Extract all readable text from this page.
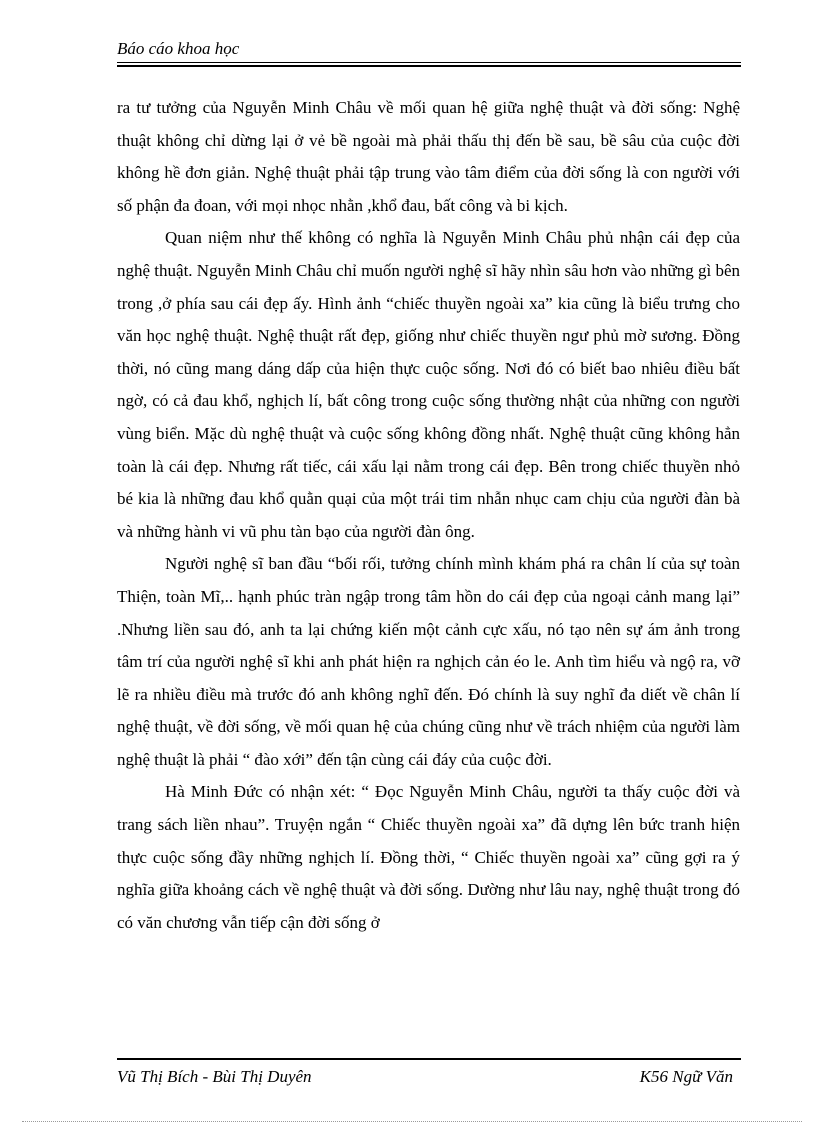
Báo cáo khoa học

ra tư tưởng của Nguyễn Minh Châu về mối quan hệ giữa nghệ thuật và đời sống: Nghệ thuật không chỉ dừng lại ở vẻ bề ngoài mà phải thấu thị đến bề sau, bề sâu của cuộc đời không hề đơn giản. Nghệ thuật phải tập trung vào tâm điểm của đời sống là con người với số phận đa đoan, với mọi nhọc nhằn ,khổ đau, bất công và bi kịch.

Quan niệm như thế không có nghĩa là Nguyễn Minh Châu phủ nhận cái đẹp của nghệ thuật. Nguyễn Minh Châu chỉ muốn người nghệ sĩ hãy nhìn sâu hơn vào những gì bên trong ,ở phía sau cái đẹp ấy. Hình ảnh “chiếc thuyền ngoài xa” kia cũng là biểu trưng cho văn học nghệ thuật. Nghệ thuật rất đẹp, giống như chiếc thuyền ngư phủ mờ sương. Đồng thời, nó cũng mang dáng dấp của hiện thực cuộc sống. Nơi đó có biết bao nhiêu điều bất ngờ, có cả đau khổ, nghịch lí, bất công trong cuộc sống thường nhật của những con người vùng biển. Mặc dù nghệ thuật và cuộc sống không đồng nhất. Nghệ thuật cũng không hẳn toàn là cái đẹp. Nhưng rất tiếc, cái xấu lại nằm trong cái đẹp. Bên trong chiếc thuyền nhỏ bé kia là những đau khổ quằn quại của một trái tim nhẫn nhục cam chịu của người đàn bà và những hành vi vũ phu tàn bạo của người đàn ông.

Người nghệ sĩ ban đầu “bối rối, tưởng chính mình khám phá ra chân lí của sự toàn Thiện, toàn Mĩ,.. hạnh phúc tràn ngập trong tâm hồn do cái đẹp của ngoại cảnh mang lại” .Nhưng liền sau đó, anh ta lại chứng kiến một cảnh cực xấu, nó tạo nên sự ám ảnh trong tâm trí của người nghệ sĩ khi anh phát hiện ra nghịch cản éo le. Anh tìm hiểu và ngộ ra, vỡ lẽ ra nhiều điều mà trước đó anh không nghĩ đến. Đó chính là suy nghĩ đa diết về chân lí nghệ thuật, về đời sống, về mối quan hệ của chúng cũng như về trách nhiệm của người làm nghệ thuật là phải “ đào xới” đến tận cùng cái đáy của cuộc đời.

Hà Minh Đức có nhận xét: “ Đọc Nguyễn Minh Châu, người ta thấy cuộc đời và trang sách liền nhau”. Truyện ngắn “ Chiếc thuyền ngoài xa” đã dựng lên bức tranh hiện thực cuộc sống đầy những nghịch lí. Đồng thời, “ Chiếc thuyền ngoài xa” cũng gợi ra ý nghĩa giữa khoảng cách về nghệ thuật và đời sống. Dường như lâu nay, nghệ thuật trong đó có văn chương vẫn tiếp cận đời sống ở

Vũ Thị Bích - Bùi Thị Duyên	K56 Ngữ Văn
